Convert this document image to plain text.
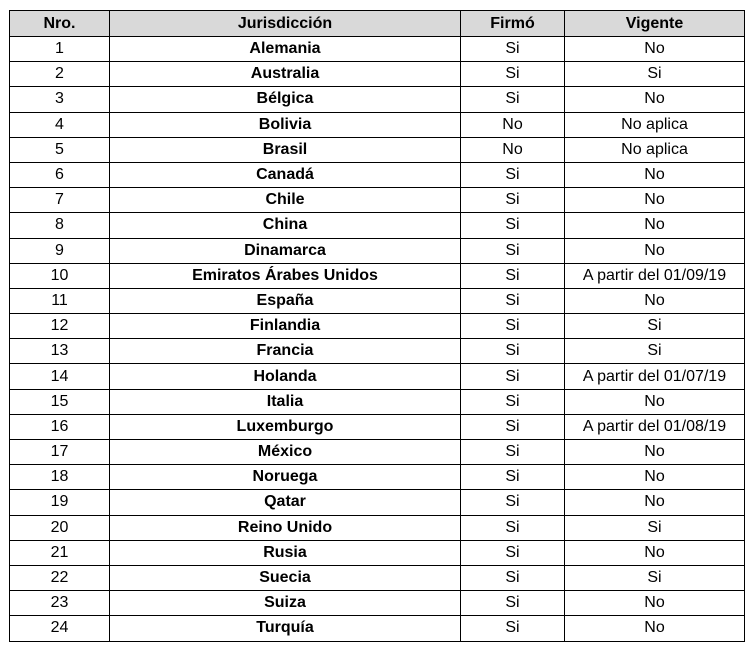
Nro.	Jurisdicción	Firmó	Vigente
1	Alemania	Si	No
2	Australia	Si	Si
3	Bélgica	Si	No
4	Bolivia	No	No aplica
5	Brasil	No	No aplica
6	Canadá	Si	No
7	Chile	Si	No
8	China	Si	No
9	Dinamarca	Si	No
10	Emiratos Árabes Unidos	Si	A partir del 01/09/19
11	España	Si	No
12	Finlandia	Si	Si
13	Francia	Si	Si
14	Holanda	Si	A partir del 01/07/19
15	Italia	Si	No
16	Luxemburgo	Si	A partir del 01/08/19
17	México	Si	No
18	Noruega	Si	No
19	Qatar	Si	No
20	Reino Unido	Si	Si
21	Rusia	Si	No
22	Suecia	Si	Si
23	Suiza	Si	No
24	Turquía	Si	No
